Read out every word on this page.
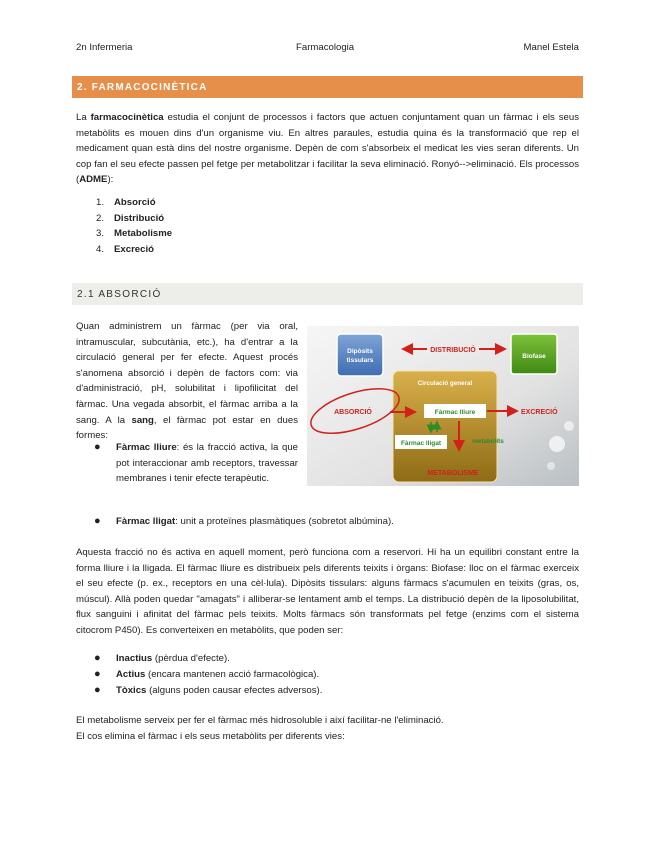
2n Infermeria	Farmacologia	Manel Estela
2. FARMACOCINÈTICA
La farmacocinètica estudia el conjunt de processos i factors que actuen conjuntament quan un fàrmac i els seus metabòlits es mouen dins d'un organisme viu. En altres paraules, estudia quina és la transformació que rep el medicament quan està dins del nostre organisme. Depèn de com s'absorbeix el medicat les vies seran diferents. Un cop fan el seu efecte passen pel fetge per metabolitzar i facilitar la seva eliminació. Ronyó-->eliminació. Els processos (ADME):
1. Absorció
2. Distribució
3. Metabolisme
4. Excreció
2.1 ABSORCIÓ
Quan administrem un fàrmac (per via oral, intramuscular, subcutània, etc.), ha d'entrar a la circulació general per fer efecte. Aquest procés s'anomena absorció i depèn de factors com: via d'administració, pH, solubilitat i lipofilicitat del fàrmac. Una vegada absorbit, el fàrmac arriba a la sang. A la sang, el fàrmac pot estar en dues formes:
● Fàrmac lliure: és la fracció activa, la que pot interaccionar amb receptors, travessar membranes i tenir efecte terapèutic.
● Fàrmac lligat: unit a proteïnes plasmàtiques (sobretot albúmina).
Dipòsits
tissulars
Biofase
DISTRIBUCIÓ
Circulació general
Fàrmac lliure
Fàrmac lligat	metabòlits
METABOLISME
ABSORCIÓ	EXCRECIÓ
Aquesta fracció no és activa en aquell moment, però funciona com a reservori. Hi ha un equilibri constant entre la forma lliure i la lligada. El fàrmac lliure es distribueix pels diferents teixits i òrgans: Biofase: lloc on el fàrmac exerceix el seu efecte (p. ex., receptors en una cèl·lula). Dipòsits tissulars: alguns fàrmacs s'acumulen en teixits (gras, os, múscul). Allà poden quedar "amagats" i alliberar-se lentament amb el temps. La distribució depèn de la liposolubilitat, flux sanguini i afinitat del fàrmac pels teixits. Molts fàrmacs són transformats pel fetge (enzims com el sistema citocrom P450). Es converteixen en metabòlits, que poden ser:
● Inactius (pèrdua d'efecte).
● Actius (encara mantenen acció farmacològica).
● Tòxics (alguns poden causar efectes adversos).
El metabolisme serveix per fer el fàrmac més hidrosoluble i així facilitar-ne l'eliminació.
El cos elimina el fàrmac i els seus metabòlits per diferents vies:
